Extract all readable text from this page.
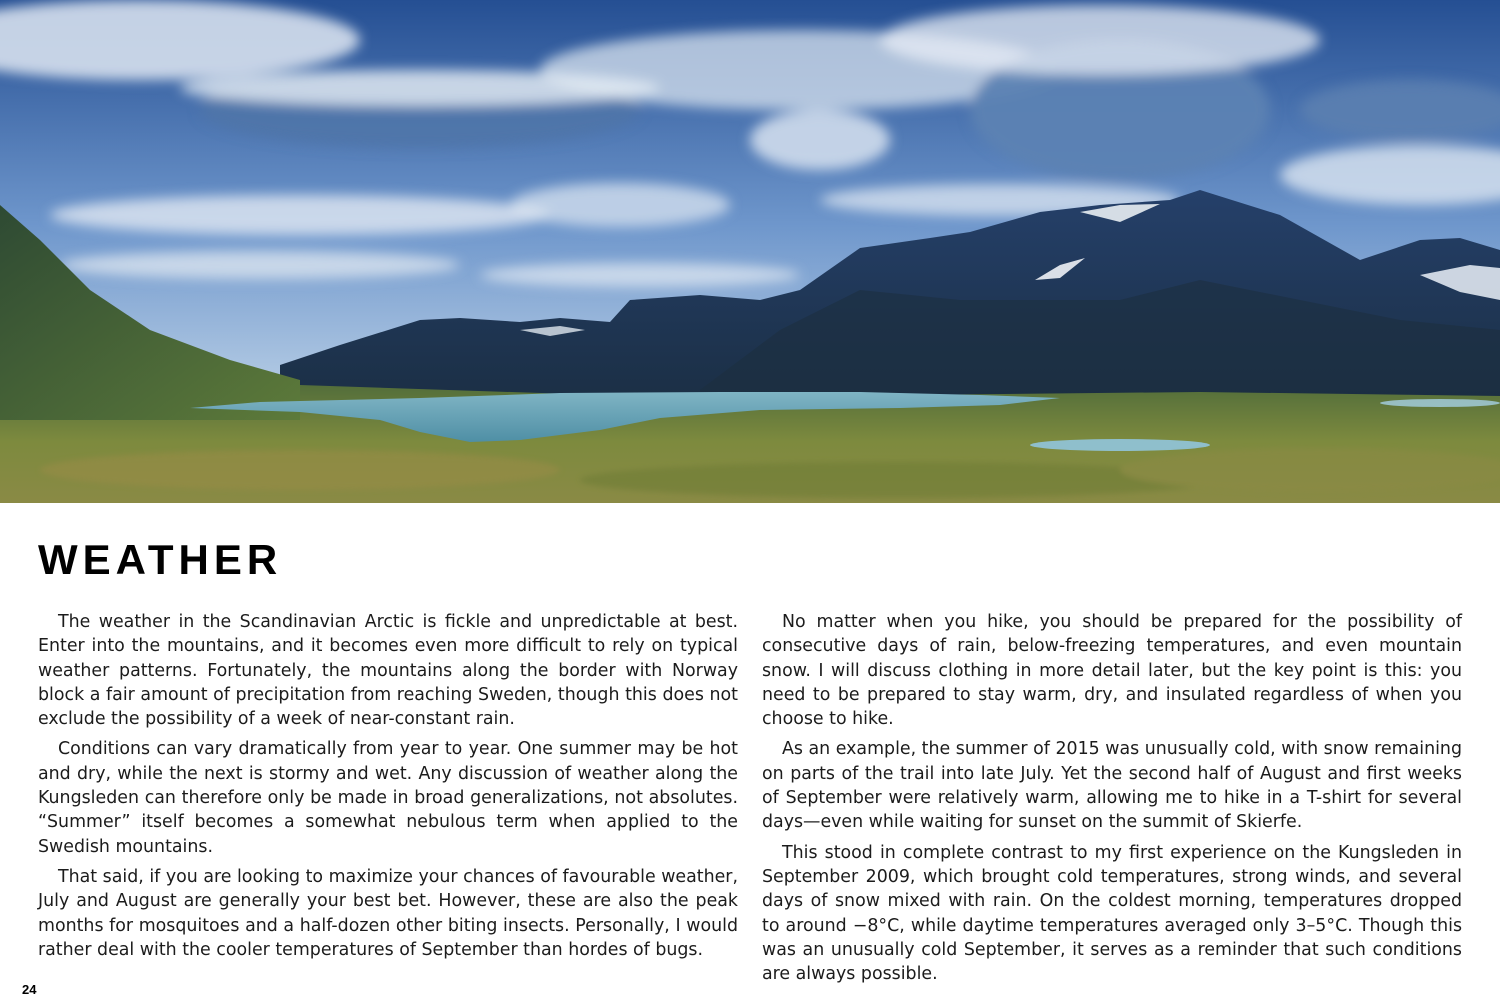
WEATHER

The weather in the Scandinavian Arctic is fickle and unpredictable at best. Enter into the mountains, and it becomes even more difficult to rely on typical weather patterns. Fortunately, the mountains along the border with Norway block a fair amount of precipitation from reaching Sweden, though this does not exclude the possibility of a week of near-constant rain.

Conditions can vary dramatically from year to year. One summer may be hot and dry, while the next is stormy and wet. Any discussion of weather along the Kungsleden can therefore only be made in broad generalizations, not absolutes. “Summer” itself becomes a somewhat nebulous term when applied to the Swedish mountains.

That said, if you are looking to maximize your chances of favourable weather, July and August are generally your best bet. However, these are also the peak months for mosquitoes and a half-dozen other biting insects. Personally, I would rather deal with the cooler temperatures of September than hordes of bugs.

No matter when you hike, you should be prepared for the possibility of consecutive days of rain, below-freezing temperatures, and even mountain snow. I will discuss clothing in more detail later, but the key point is this: you need to be prepared to stay warm, dry, and insulated regardless of when you choose to hike.

As an example, the summer of 2015 was unusually cold, with snow remaining on parts of the trail into late July. Yet the second half of August and first weeks of September were relatively warm, allowing me to hike in a T-shirt for several days—even while waiting for sunset on the summit of Skierfe.

This stood in complete contrast to my first experience on the Kungsleden in September 2009, which brought cold temperatures, strong winds, and several days of snow mixed with rain. On the coldest morning, temperatures dropped to around −8°C, while daytime temperatures averaged only 3–5°C. Though this was an unusually cold September, it serves as a reminder that such conditions are always possible.

24
